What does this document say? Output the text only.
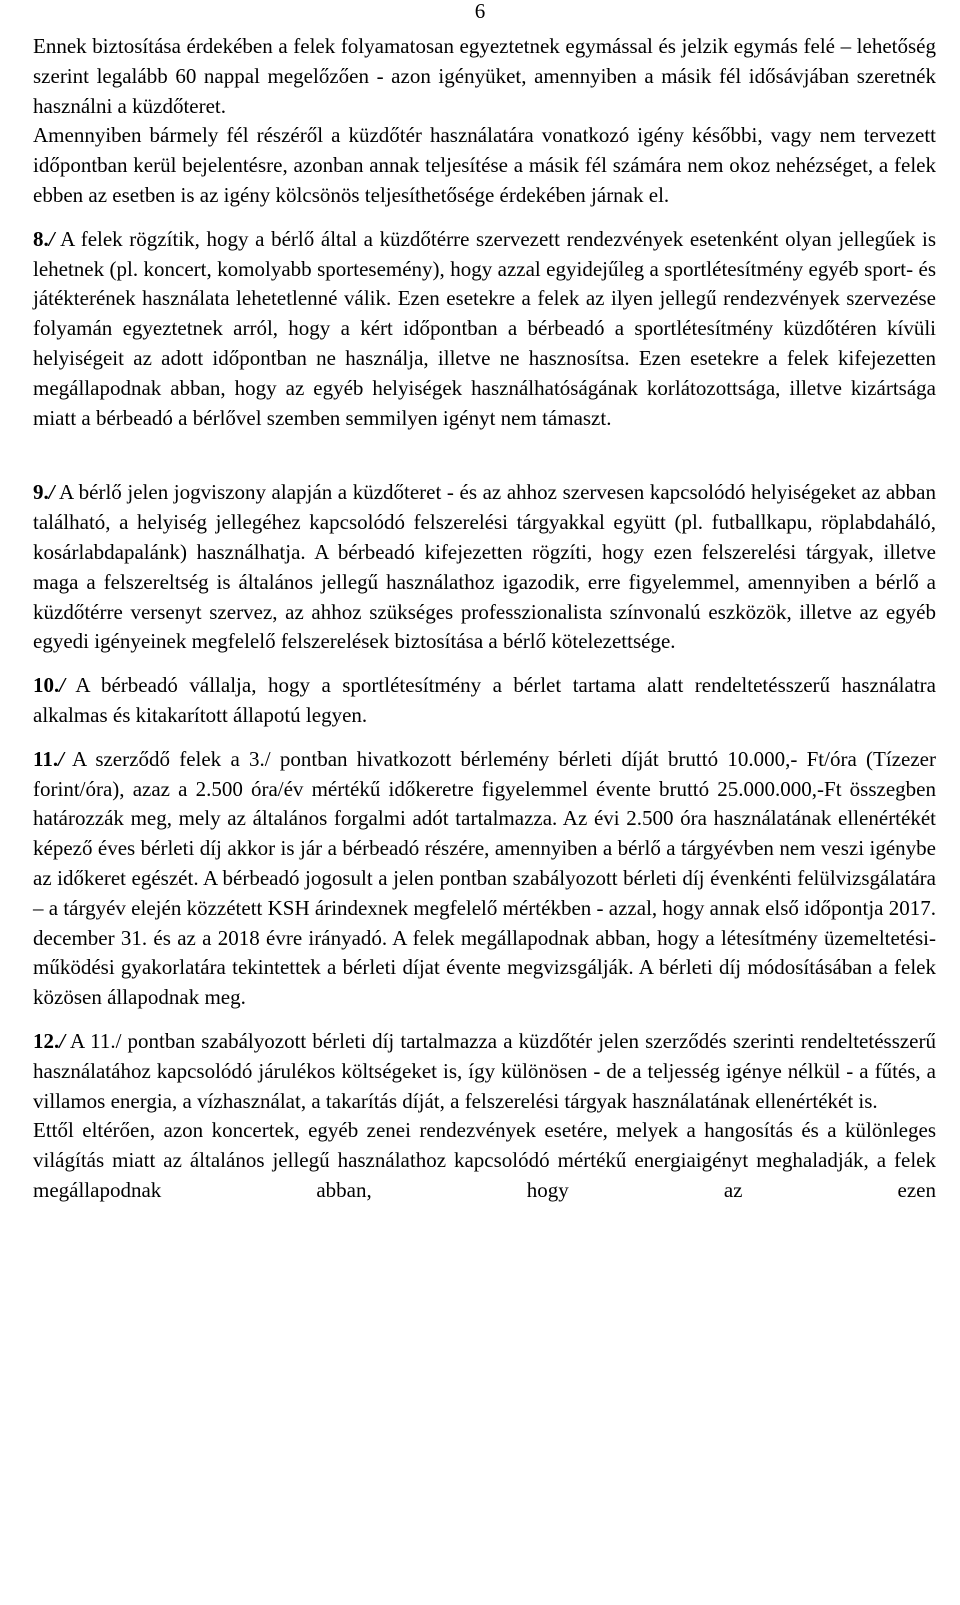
6

Ennek biztosítása érdekében a felek folyamatosan egyeztetnek egymással és jelzik egymás felé – lehetőség szerint legalább 60 nappal megelőzően - azon igényüket, amennyiben a másik fél idősávjában szeretnék használni a küzdőteret.

Amennyiben bármely fél részéről a küzdőtér használatára vonatkozó igény későbbi, vagy nem tervezett időpontban kerül bejelentésre, azonban annak teljesítése a másik fél számára nem okoz nehézséget, a felek ebben az esetben is az igény kölcsönös teljesíthetősége érdekében járnak el.

8./ A felek rögzítik, hogy a bérlő által a küzdőtérre szervezett rendezvények esetenként olyan jellegűek is lehetnek (pl. koncert, komolyabb sportesemény), hogy azzal egyidejűleg a sportlétesítmény egyéb sport- és játékterének használata lehetetlenné válik. Ezen esetekre a felek az ilyen jellegű rendezvények szervezése folyamán egyeztetnek arról, hogy a kért időpontban a bérbeadó a sportlétesítmény küzdőtéren kívüli helyiségeit az adott időpontban ne használja, illetve ne hasznosítsa. Ezen esetekre a felek kifejezetten megállapodnak abban, hogy az egyéb helyiségek használhatóságának korlátozottsága, illetve kizártsága miatt a bérbeadó a bérlővel szemben semmilyen igényt nem támaszt.

9./ A bérlő jelen jogviszony alapján a küzdőteret - és az ahhoz szervesen kapcsolódó helyiségeket az abban található, a helyiség jellegéhez kapcsolódó felszerelési tárgyakkal együtt (pl. futballkapu, röplabdaháló, kosárlabdapalánk) használhatja. A bérbeadó kifejezetten rögzíti, hogy ezen felszerelési tárgyak, illetve maga a felszereltség is általános jellegű használathoz igazodik, erre figyelemmel, amennyiben a bérlő a küzdőtérre versenyt szervez, az ahhoz szükséges professzionalista színvonalú eszközök, illetve az egyéb egyedi igényeinek megfelelő felszerelések biztosítása a bérlő kötelezettsége.

10./ A bérbeadó vállalja, hogy a sportlétesítmény a bérlet tartama alatt rendeltetésszerű használatra alkalmas és kitakarított állapotú legyen.

11./ A szerződő felek a 3./ pontban hivatkozott bérlemény bérleti díját bruttó 10.000,- Ft/óra (Tízezer forint/óra), azaz a 2.500 óra/év mértékű időkeretre figyelemmel évente bruttó 25.000.000,-Ft összegben határozzák meg, mely az általános forgalmi adót tartalmazza. Az évi 2.500 óra használatának ellenértékét képező éves bérleti díj akkor is jár a bérbeadó részére, amennyiben a bérlő a tárgyévben nem veszi igénybe az időkeret egészét. A bérbeadó jogosult a jelen pontban szabályozott bérleti díj évenkénti felülvizsgálatára – a tárgyév elején közzétett KSH árindexnek megfelelő mértékben - azzal, hogy annak első időpontja 2017. december 31. és az a 2018 évre irányadó. A felek megállapodnak abban, hogy a létesítmény üzemeltetési- működési gyakorlatára tekintettek a bérleti díjat évente megvizsgálják. A bérleti díj módosításában a felek közösen állapodnak meg.

12./ A 11./ pontban szabályozott bérleti díj tartalmazza a küzdőtér jelen szerződés szerinti rendeltetésszerű használatához kapcsolódó járulékos költségeket is, így különösen - de a teljesség igénye nélkül - a fűtés, a villamos energia, a vízhasználat, a takarítás díját, a felszerelési tárgyak használatának ellenértékét is.

Ettől eltérően, azon koncertek, egyéb zenei rendezvények esetére, melyek a hangosítás és a különleges világítás miatt az általános jellegű használathoz kapcsolódó mértékű energiaigényt meghaladják, a felek megállapodnak abban, hogy az ezen
